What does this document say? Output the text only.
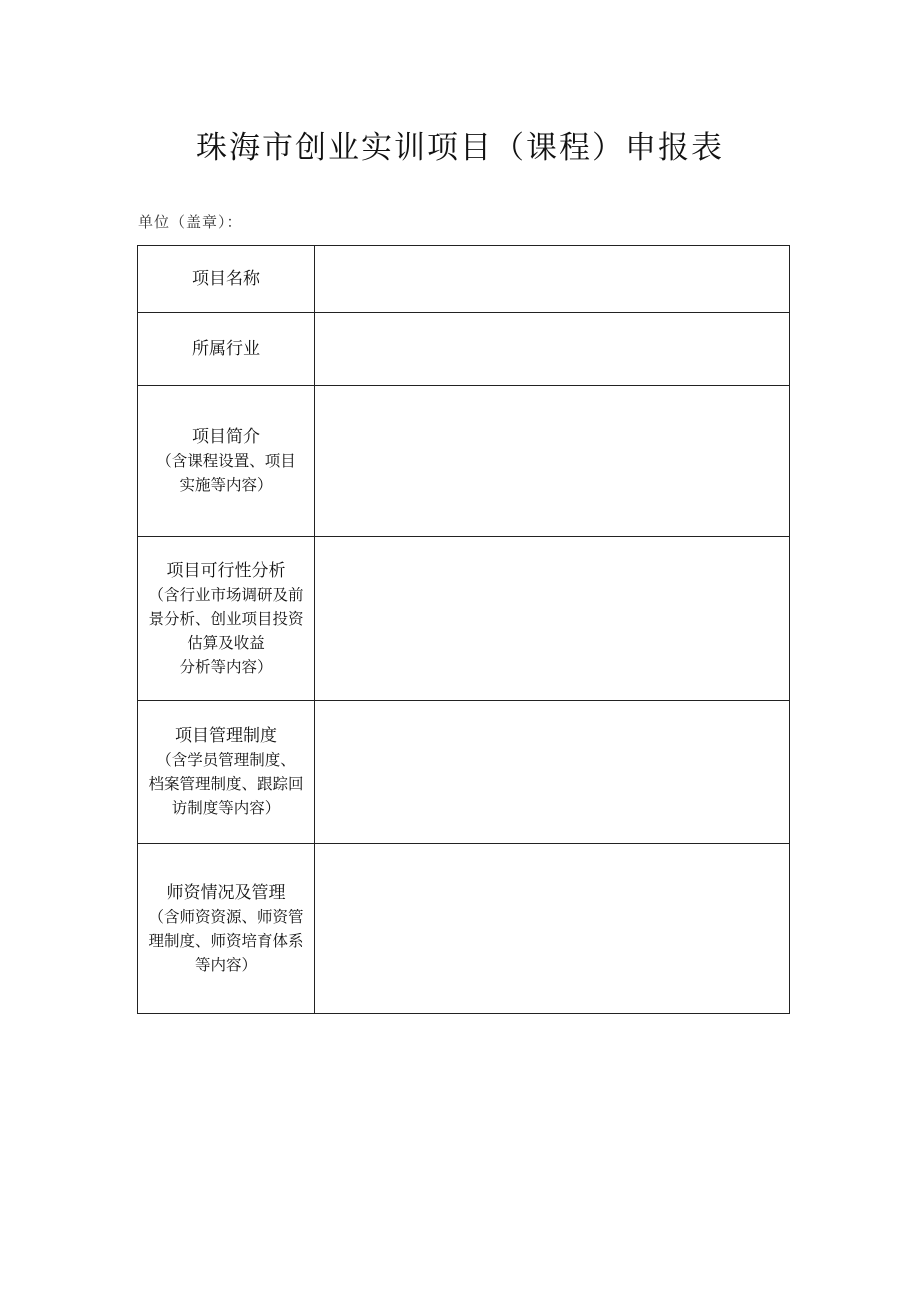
珠海市创业实训项目（课程）申报表
单位（盖章）：
项目名称	

所属行业	

项目简介
（含课程设置、项目
实施等内容）	

项目可行性分析
（含行业市场调研及前
景分析、创业项目投资
估算及收益
分析等内容）	

项目管理制度
（含学员管理制度、
档案管理制度、跟踪回
访制度等内容）	

师资情况及管理
（含师资资源、师资管
理制度、师资培育体系
等内容）	
